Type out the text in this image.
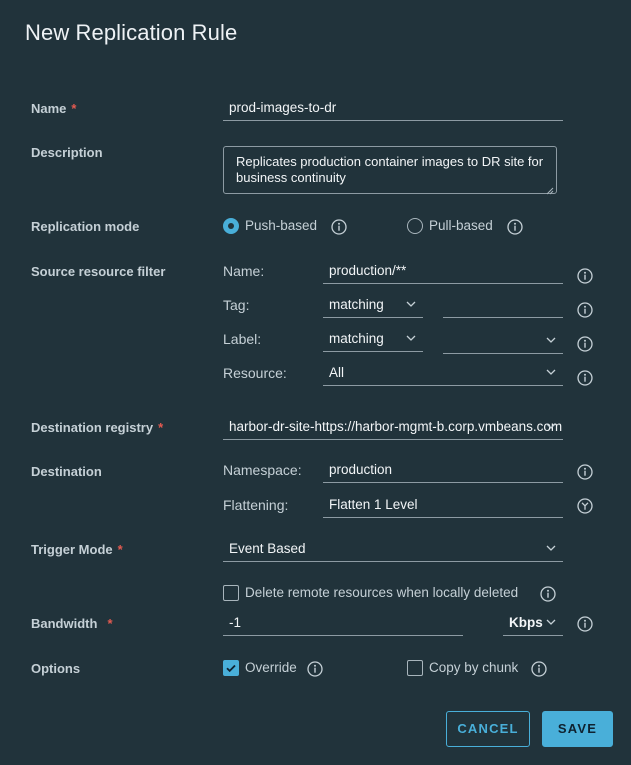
New Replication Rule
Name *	prod-images-to-dr
Description
Replicates production container images to DR site for business continuity
Replication mode	Push-based	Pull-based
Source resource filter	Name:	production/**
Tag:	matching
Label:	matching
Resource:	All
Destination registry *	harbor-dr-site-https://harbor-mgmt-b.corp.vmbeans.com
Destination	Namespace: production
Flattening:	Flatten 1 Level
Trigger Mode *	Event Based
Delete remote resources when locally deleted
Bandwidth *	-1	Kbps
Options	Override	Copy by chunk
CANCEL	SAVE
